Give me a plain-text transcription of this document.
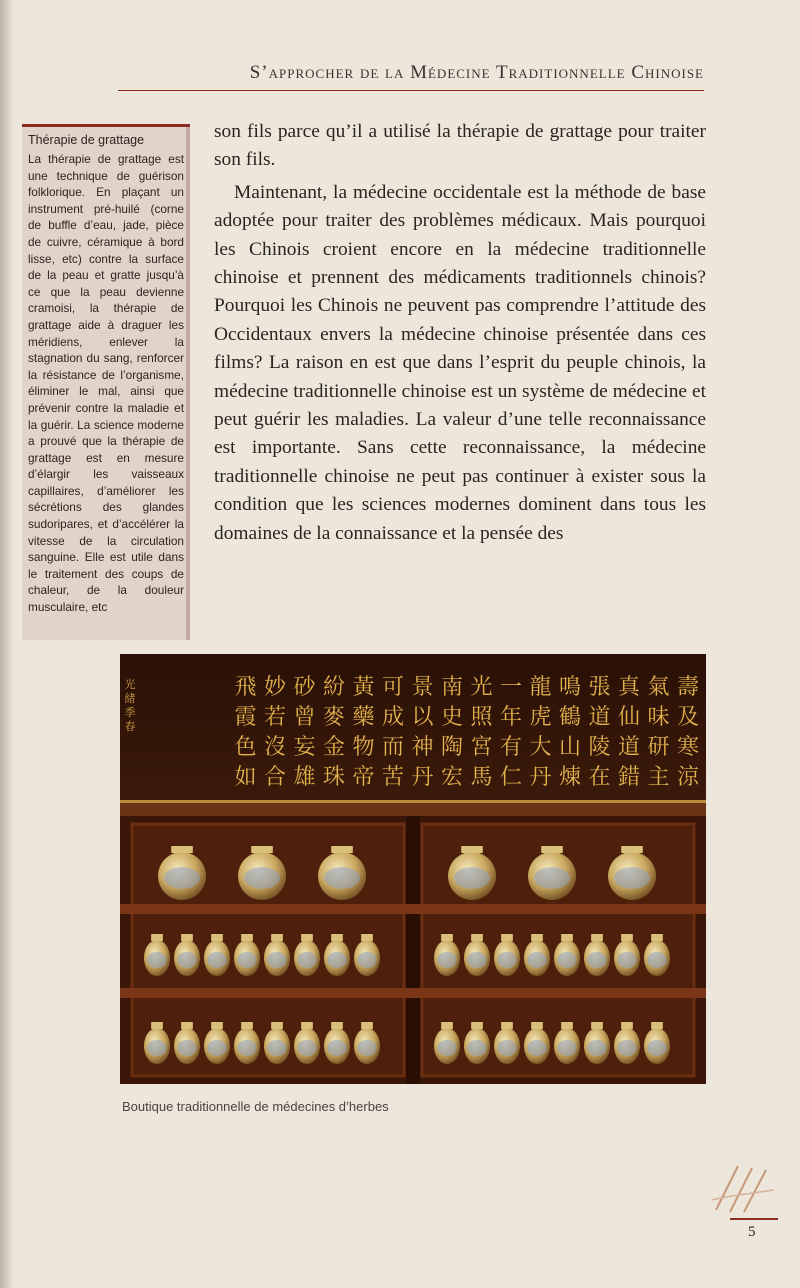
S’approcher de la Médecine Traditionnelle Chinoise
Thérapie de grattage

La thérapie de grattage est une technique de guérison folklorique. En plaçant un instrument pré-huilé (corne de buffle d’eau, jade, pièce de cuivre, céramique à bord lisse, etc) contre la surface de la peau et gratte jusqu’à ce que la peau devienne cramoisi, la thérapie de grattage aide à draguer les méridiens, enlever la stagnation du sang, renforcer la résistance de l’organisme, éliminer le mal, ainsi que prévenir contre la maladie et la guérir. La science moderne a prouvé que la thérapie de grattage est en mesure d’élargir les vaisseaux capillaires, d’améliorer les sécrétions des glandes sudoripares, et d’accélérer la vitesse de la circulation sanguine. Elle est utile dans le traitement des coups de chaleur, de la douleur musculaire, etc

son fils parce qu’il a utilisé la thérapie de grattage pour traiter son fils.

Maintenant, la médecine occidentale est la méthode de base adoptée pour traiter des problèmes médicaux. Mais pourquoi les Chinois croient encore en la médecine traditionnelle chinoise et prennent des médicaments traditionnels chinois? Pourquoi les Chinois ne peuvent pas comprendre l’attitude des Occidentaux envers la médecine chinoise présentée dans ces films? La raison en est que dans l’esprit du peuple chinois, la médecine traditionnelle chinoise est un système de médecine et peut guérir les maladies. La valeur d’une telle reconnaissance est importante. Sans cette reconnaissance, la médecine traditionnelle chinoise ne peut pas continuer à exister sous la condition que les sciences modernes dominent dans tous les domaines de la connaissance et la pensée des

壽
及
寒
涼
氣
味
研
主
真
仙
道
錯
張
道
陵
在
鳴
鶴
山
煉
龍
虎
大
丹
一
年
有
仁
光
照
宮
馬
南
史
陶
宏
景
以
神
丹
可
成
而
苦
黃
藥
物
帝
紛
麥
金
珠
砂
曾
妄
雄
妙
若
沒
合
飛
霞
色
如
光
緒
季
春
Boutique traditionnelle de médecines d’herbes
5
